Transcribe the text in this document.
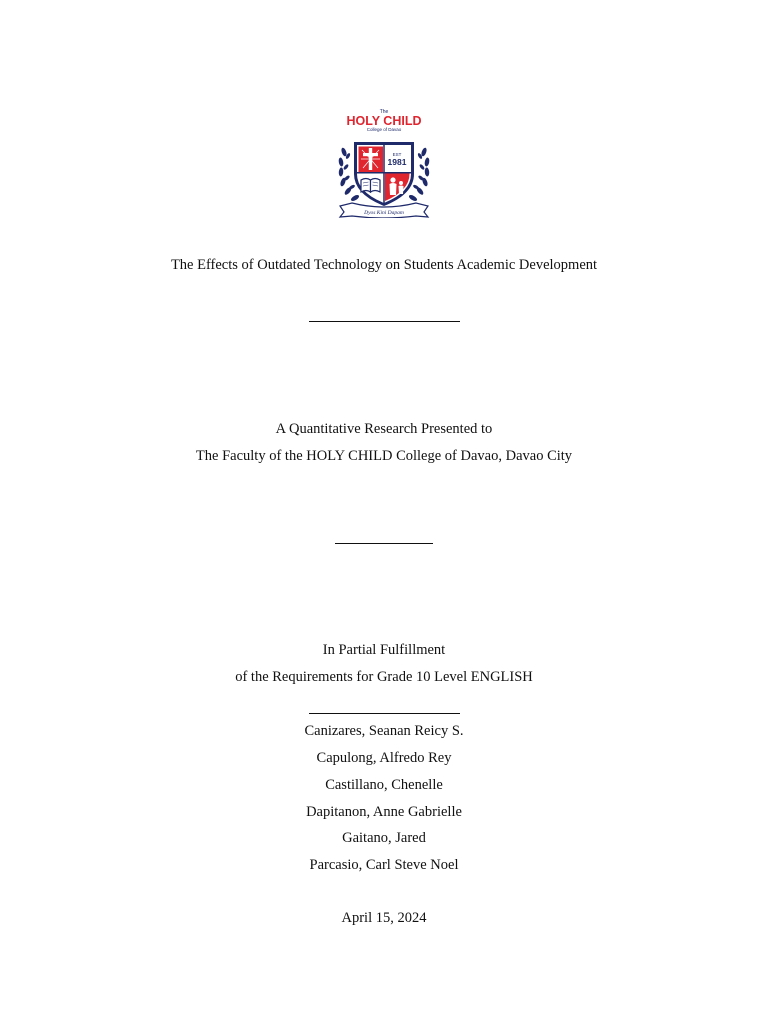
The
HOLY CHILD
College of Davao
EST
1981
Dyos Kini Dapam
The Effects of Outdated Technology on Students Academic Development
A Quantitative Research Presented to
The Faculty of the HOLY CHILD College of Davao, Davao City
In Partial Fulfillment
of the Requirements for Grade 10 Level ENGLISH
Canizares, Seanan Reicy S.
Capulong, Alfredo Rey
Castillano, Chenelle
Dapitanon, Anne Gabrielle
Gaitano, Jared
Parcasio, Carl Steve Noel
April 15, 2024
